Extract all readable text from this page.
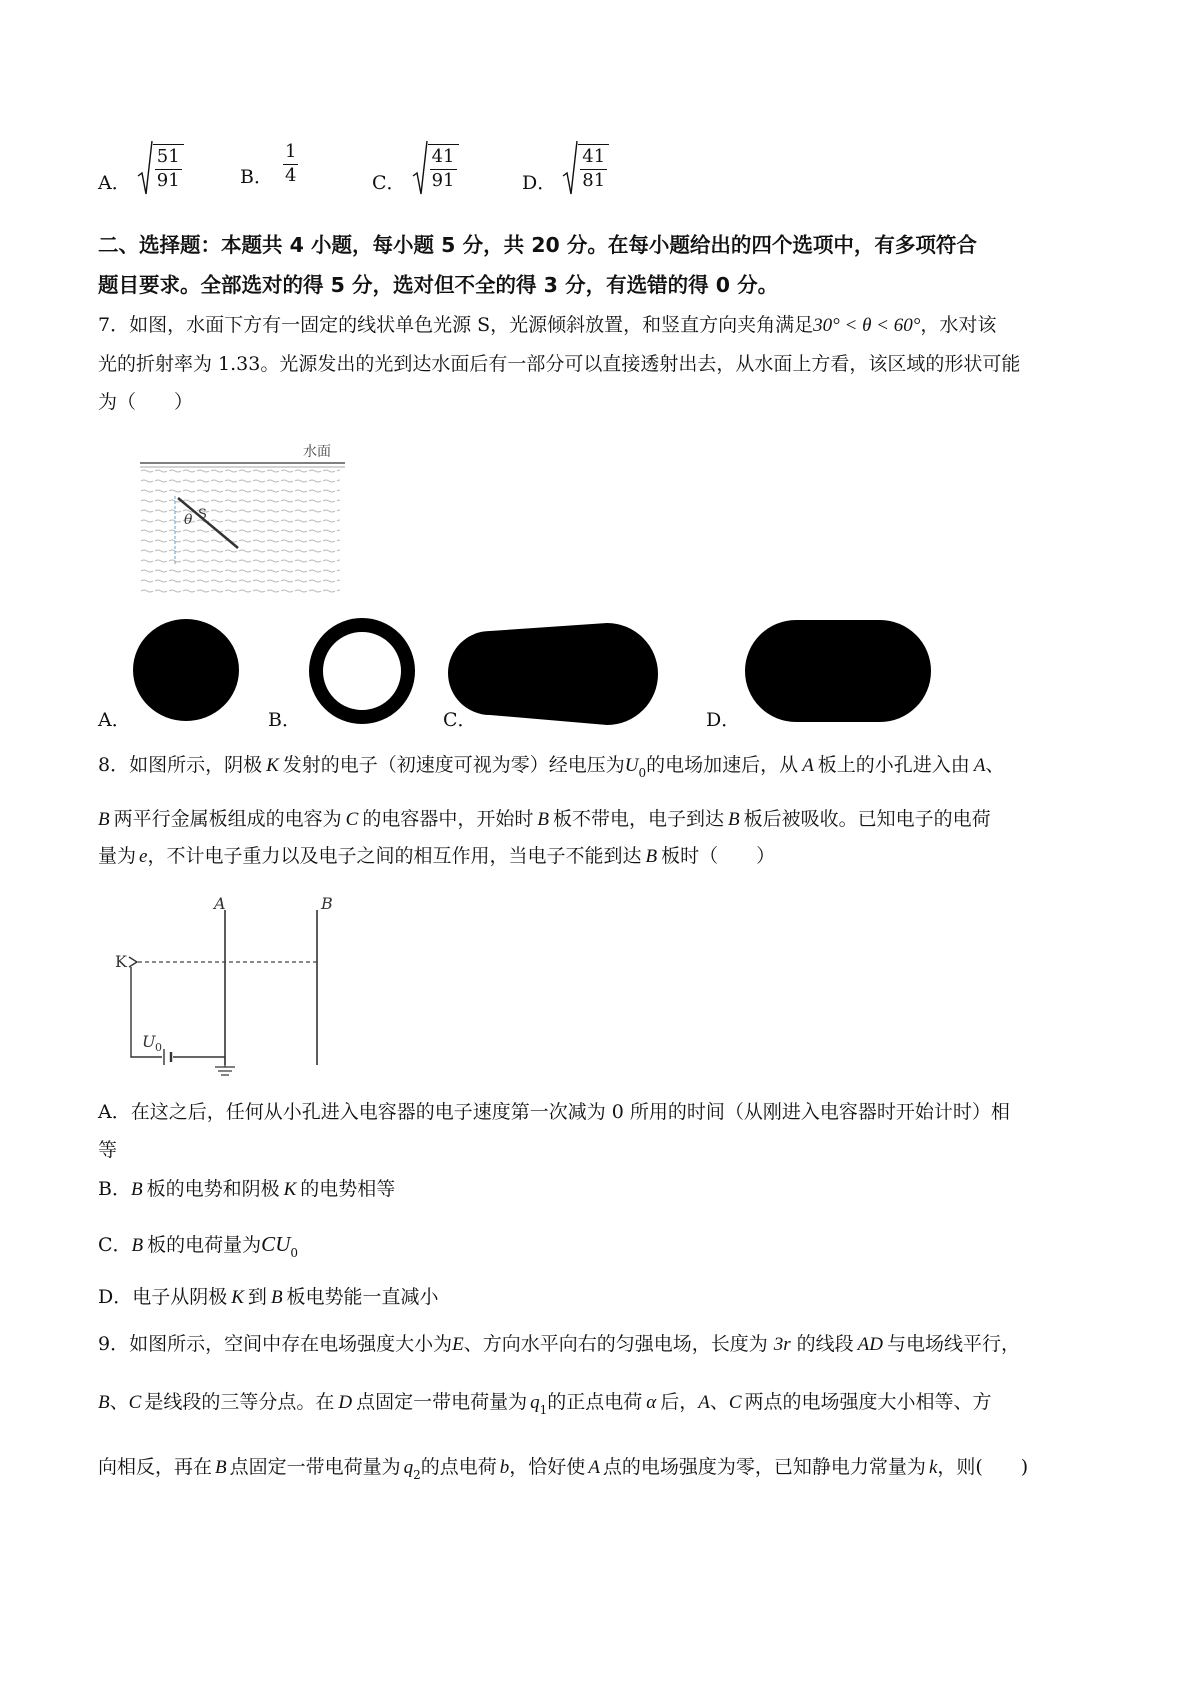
A． $\frac{51}{91}$	B． $\frac{1}{4}$	C． $\frac{41}{91}$	D． $\frac{41}{81}$
二、选择题：本题共 4 小题，每小题 5 分，共 20 分。在每小题给出的四个选项中，有多项符合
题目要求。全部选对的得 5 分，选对但不全的得 3 分，有选错的得 0 分。
7．如图，水面下方有一固定的线状单色光源 S，光源倾斜放置，和竖直方向夹角满足30° < θ < 60°，水对该
光的折射率为 1.33。光源发出的光到达水面后有一部分可以直接透射出去，从水面上方看，该区域的形状可能
为（　　）
水面
θ S
A．	B．	C．	D．
8．如图所示，阴极 K 发射的电子（初速度可视为零）经电压为$U_0$的电场加速后，从 A 板上的小孔进入由 A、
B 两平行金属板组成的电容为 C 的电容器中，开始时 B 板不带电，电子到达 B 板后被吸收。已知电子的电荷
量为 e，不计电子重力以及电子之间的相互作用，当电子不能到达 B 板时（　　）
A	B
K
U 0
A．在这之后，任何从小孔进入电容器的电子速度第一次减为 0 所用的时间（从刚进入电容器时开始计时）相
等
B．B 板的电势和阴极 K 的电势相等
C．B 板的电荷量为$CU_0$
D．电子从阴极 K 到 B 板电势能一直减小
9．如图所示，空间中存在电场强度大小为E、方向水平向右的匀强电场，长度为 3r 的线段 AD 与电场线平行，
B、C 是线段的三等分点。在 D 点固定一带电荷量为 $q_1$的正点电荷 α 后，A、C 两点的电场强度大小相等、方
向相反，再在 B 点固定一带电荷量为 $q_2$的点电荷 b，恰好使 A 点的电场强度为零，已知静电力常量为 k，则(　　)
